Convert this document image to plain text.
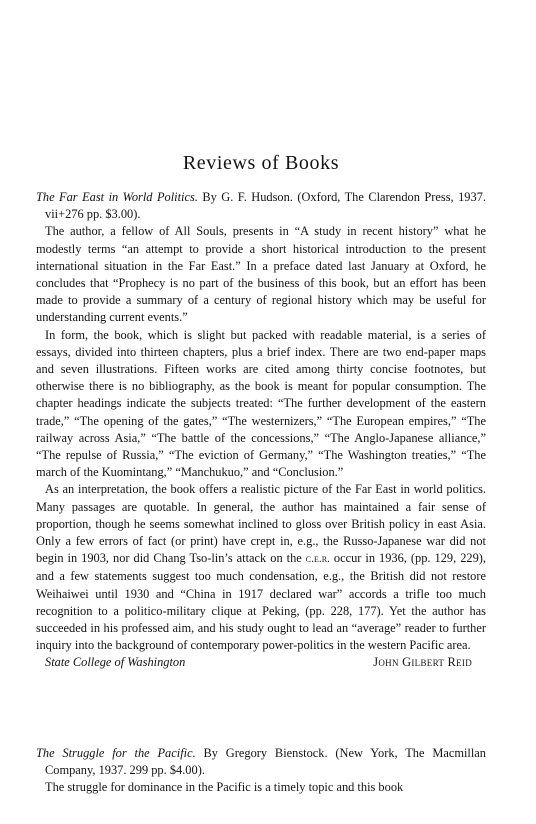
Reviews of Books

The Far East in World Politics. By G. F. Hudson. (Oxford, The Clarendon Press, 1937. vii+276 pp. $3.00).

The author, a fellow of All Souls, presents in “A study in recent history” what he modestly terms “an attempt to provide a short historical introduction to the present international situation in the Far East.” In a preface dated last January at Oxford, he concludes that “Prophecy is no part of the business of this book, but an effort has been made to provide a summary of a century of regional history which may be useful for understanding current events.”

In form, the book, which is slight but packed with readable material, is a series of essays, divided into thirteen chapters, plus a brief index. There are two end-paper maps and seven illustrations. Fifteen works are cited among thirty concise footnotes, but otherwise there is no bibliography, as the book is meant for popular consumption. The chapter headings indicate the subjects treated: “The further development of the eastern trade,” “The opening of the gates,” “The westernizers,” “The European empires,” “The railway across Asia,” “The battle of the concessions,” “The Anglo-Japanese alliance,” “The repulse of Russia,” “The eviction of Germany,” “The Washington treaties,” “The march of the Kuomintang,” “Manchukuo,” and “Conclusion.”

As an interpretation, the book offers a realistic picture of the Far East in world politics. Many passages are quotable. In general, the author has maintained a fair sense of proportion, though he seems somewhat inclined to gloss over British policy in east Asia. Only a few errors of fact (or print) have crept in, e.g., the Russo-Japanese war did not begin in 1903, nor did Chang Tso-lin’s attack on the c.e.r. occur in 1936, (pp. 129, 229), and a few statements suggest too much condensation, e.g., the British did not restore Weihaiwei until 1930 and “China in 1917 declared war” accords a trifle too much recognition to a politico-military clique at Peking, (pp. 228, 177). Yet the author has succeeded in his professed aim, and his study ought to lead an “average” reader to further inquiry into the background of contemporary power-politics in the western Pacific area.

State College of Washington	John Gilbert Reid

The Struggle for the Pacific. By Gregory Bienstock. (New York, The Macmillan Company, 1937. 299 pp. $4.00).

The struggle for dominance in the Pacific is a timely topic and this book
